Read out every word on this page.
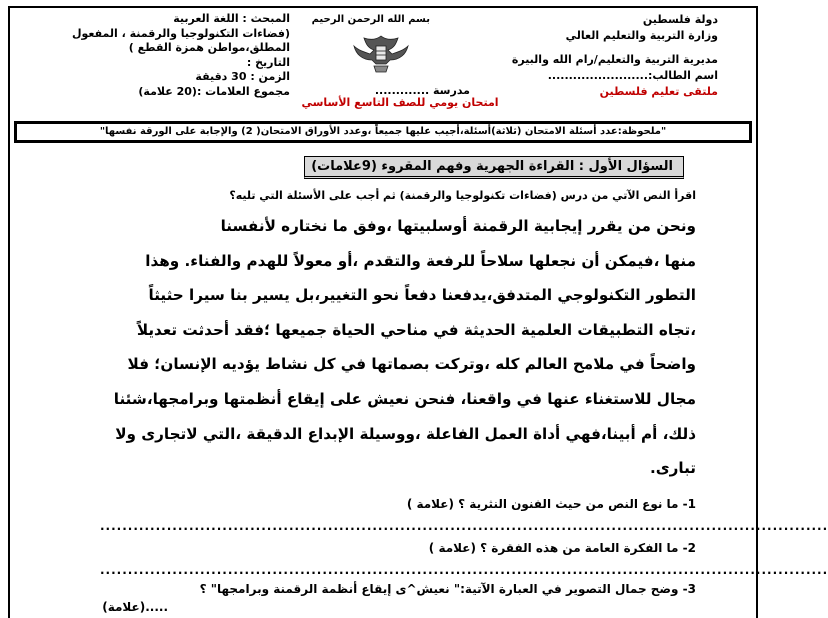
دولة فلسطين
وزارة التربية والتعليم العالي
مديرية التربية والتعليم/رام الله والبيرة
اسم الطالب:........................
ملتقى تعليم فلسطين
بسم الله الرحمن الرحيم
مدرسة .............
امتحان يومي للصف التاسع الأساسي
المبحث : اللغة العربية
(فضاءات التكنولوجيا والرقمنة ، المفعول
المطلق،مواطن همزة القطع )
التاريخ :
الزمن : 30 دقيقة
مجموع العلامات :(20 علامة)
"ملحوظة:عدد أسئلة الامتحان (ثلاثة)أسئلة،أجيب عليها جميعاً ،وعدد الأوراق الامتحان( 2) والإجابة على الورقة نفسها"
السؤال الأول : القراءة الجهرية وفهم المقروء (9علامات)
اقرأ النص الآتي من درس (فضاءات تكنولوجيا والرقمنة) ثم أجب على الأسئلة التي تليه؟
ونحن من يقرر إيجابية الرقمنة أوسلبيتها ،وفق ما نختاره لأنفسنا
منها ،فيمكن أن نجعلها سلاحاً للرفعة والتقدم ،أو معولاً للهدم والفناء. وهذا
التطور التكنولوجي المتدفق،يدفعنا دفعاً نحو التغيير،بل يسير بنا سيرا حثيثاً
،تجاه التطبيقات العلمية الحديثة في مناحي الحياة جميعها ؛فقد أحدثت تعديلاً
واضحاً في ملامح العالم كله ،وتركت بصماتها في كل نشاط يؤديه الإنسان؛ فلا
مجال للاستغناء عنها في واقعنا، فنحن نعيش على إيقاع أنظمتها وبرامجها،شئنا
ذلك، أم أبينا،فهي أداة العمل الفاعلة ،ووسيلة الإبداع الدقيقة ،التي لاتجارى ولا
تبارى.
1- ما نوع النص من حيث الفنون النثرية ؟ (علامة )
...................................................................................................................................
2- ما الفكرة العامة من هذه الفقرة ؟ (علامة )
...................................................................................................................................
3- وضح جمال التصوير في العبارة الآتية:" نعيش^ى إيقاع أنظمة الرقمنة وبرامجها" ؟
.....(علامة)
